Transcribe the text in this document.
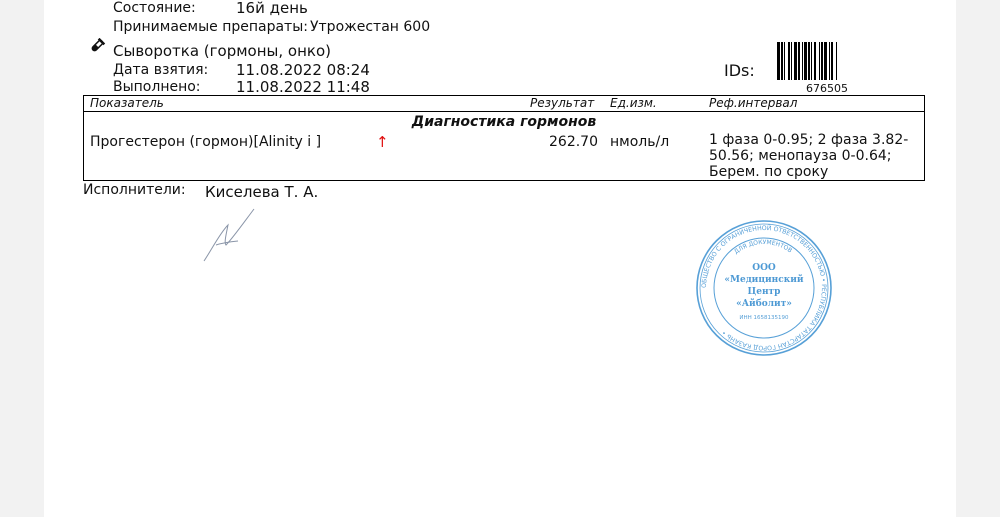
Состояние:	16й день
Принимаемые препараты: Утрожестан 600
Сыворотка (гормоны, онко)
Дата взятия: 11.08.2022 08:24
Выполнено: 11.08.2022 11:48
IDs:
676505
Показатель	Результат Ед.изм.	Реф.интервал
Диагностика гормонов
Прогестерон (гормон)[Alinity i ]	↑	262.70 нмоль/л	1 фаза 0-0.95; 2 фаза 3.82-50.56; менопауза 0-0.64; Берем. по сроку
Исполнители: Киселева Т. А.
ОБЩЕСТВО С ОГРАНИЧЕННОЙ ОТВЕТСТВЕННОСТЬЮ • РЕСПУБЛИКА ТАТАРСТАН ГОРОД КАЗАНЬ •
ДЛЯ ДОКУМЕНТОВ
ООО
«Медицинский
Центр
«Айболит»
ИНН 1658135190
